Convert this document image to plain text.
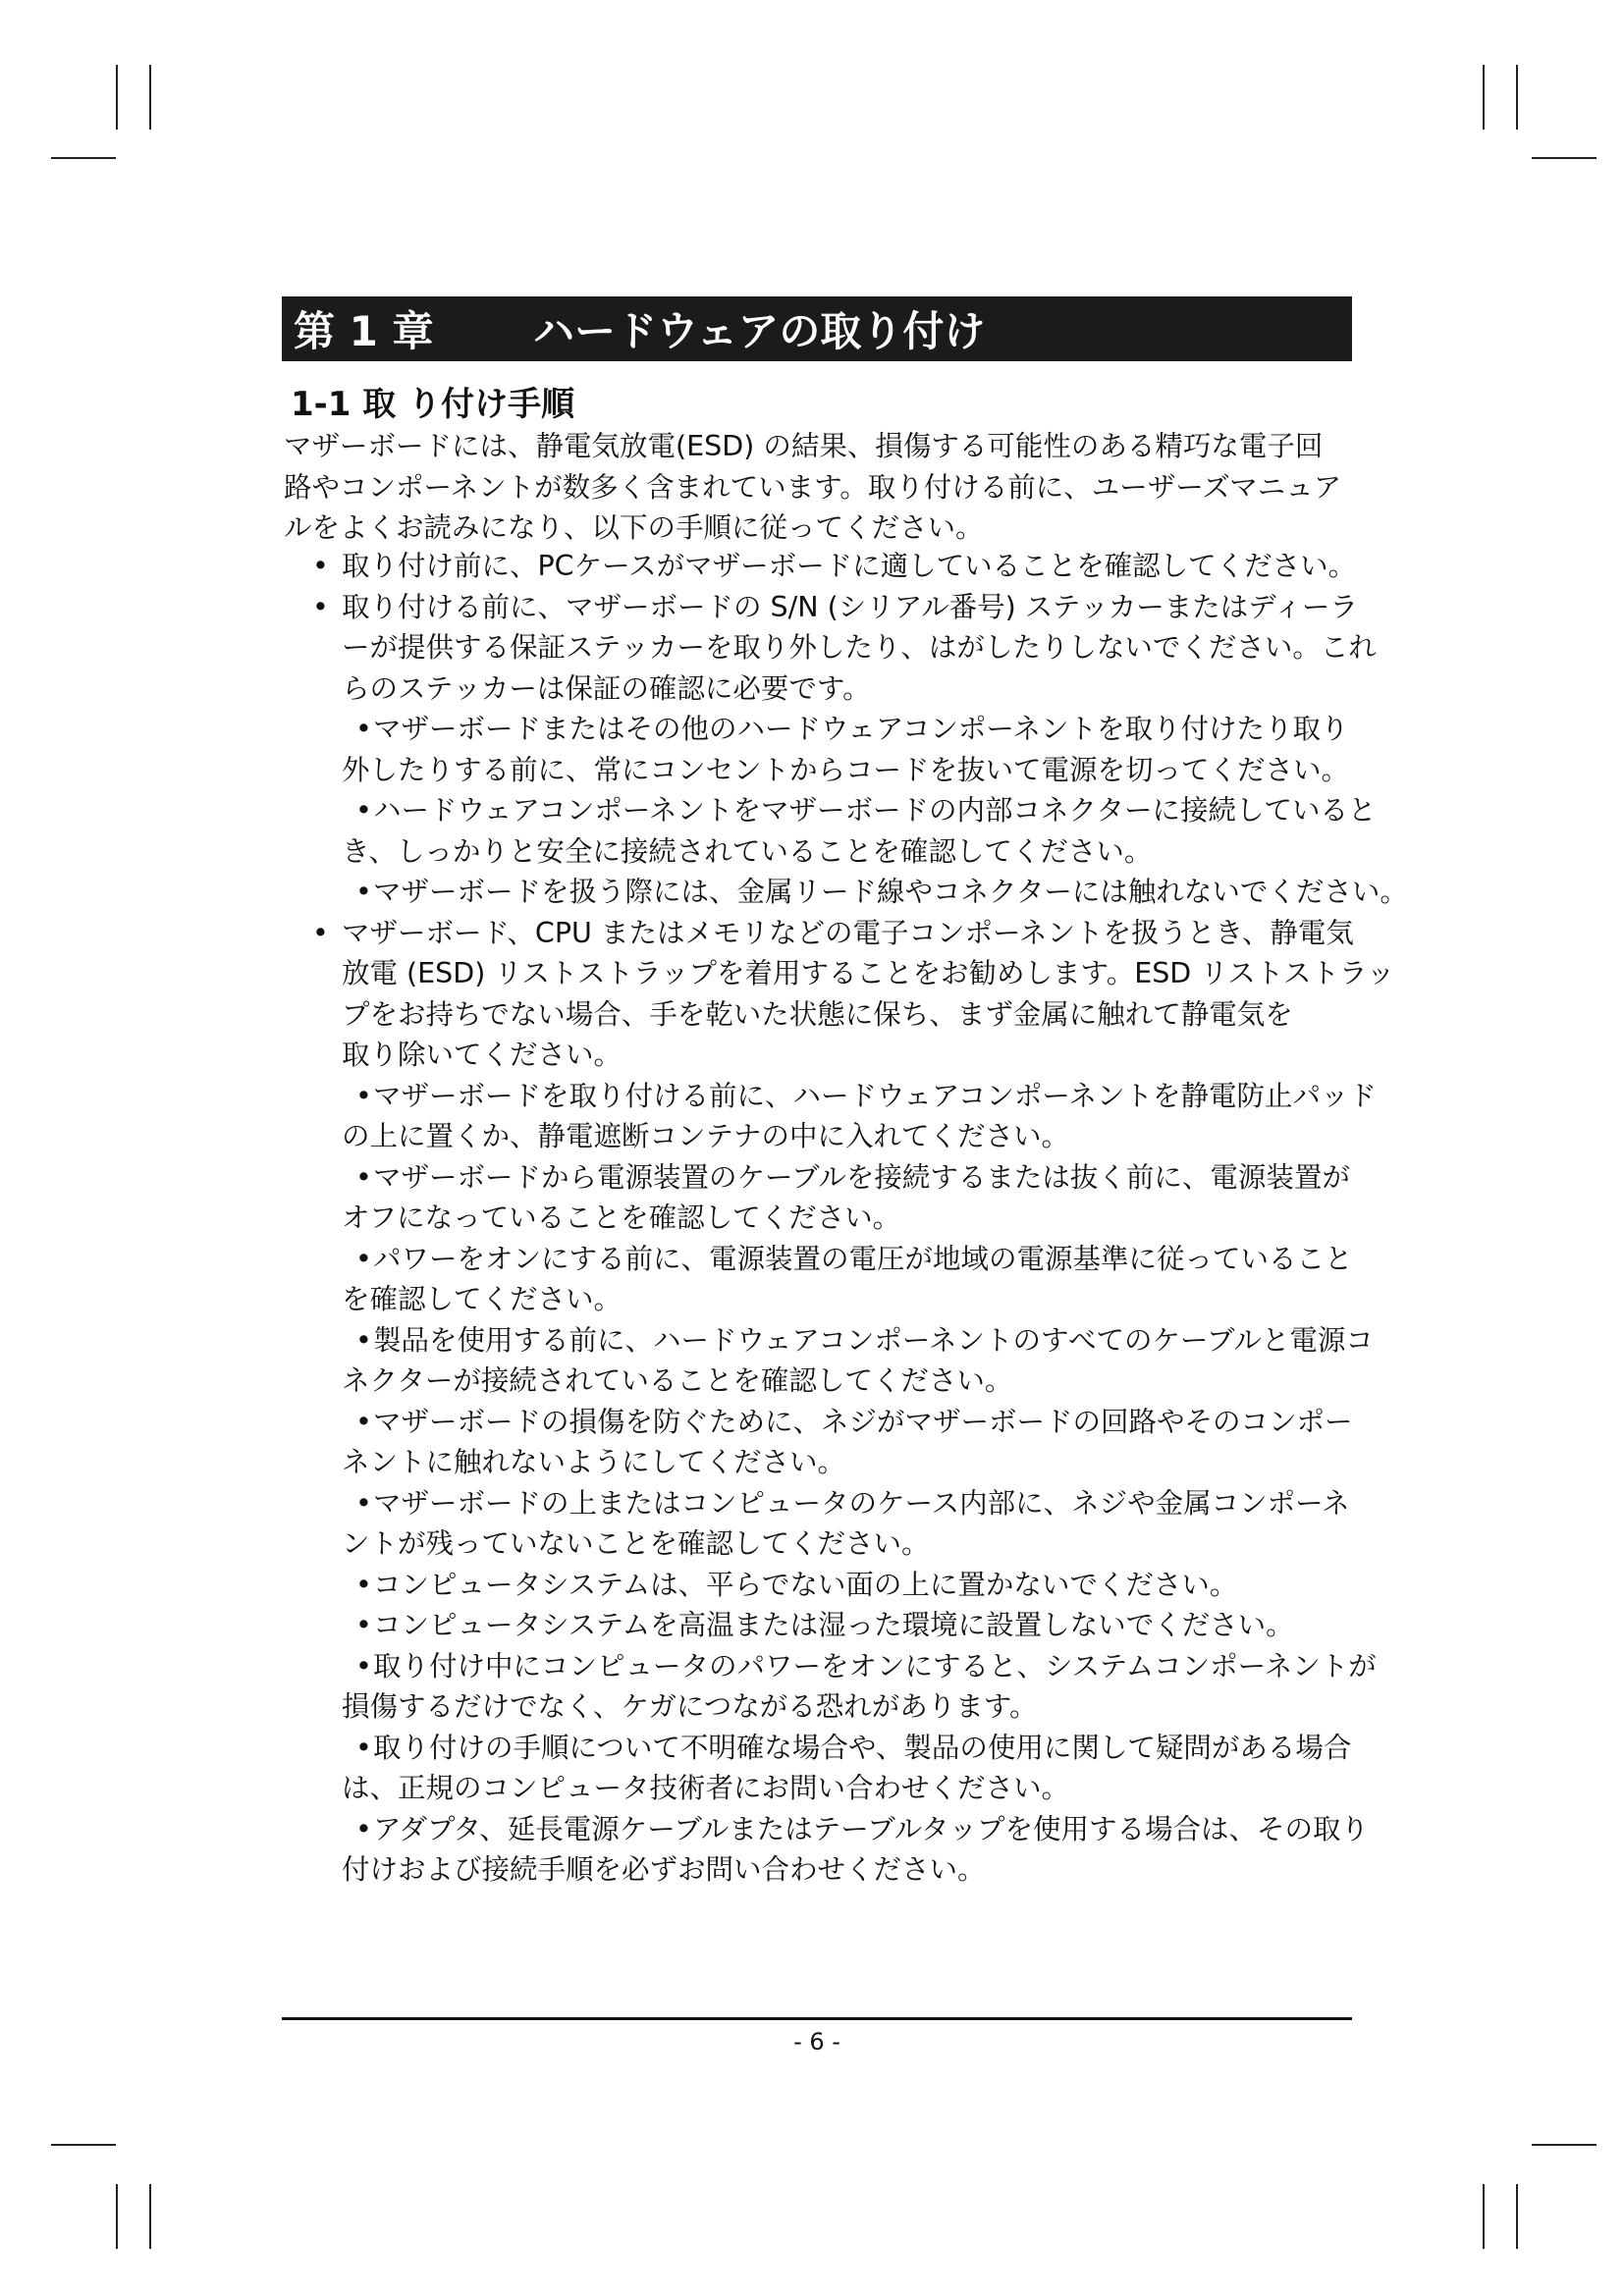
第 1 章	ハードウェアの取り付け
1-1 取 り付け手順
マザーボードには、静電気放電(ESD) の結果、損傷する可能性のある精巧な電子回
路やコンポーネントが数多く含まれています。取り付ける前に、ユーザーズマニュア
ルをよくお読みになり、以下の手順に従ってください。
• 取り付け前に、PCケースがマザーボードに適していることを確認してください。
• 取り付ける前に、マザーボードの S/N (シリアル番号) ステッカーまたはディーラ
ーが提供する保証ステッカーを取り外したり、はがしたりしないでください。これ
らのステッカーは保証の確認に必要です。
• マザーボードまたはその他のハードウェアコンポーネントを取り付けたり取り
外したりする前に、常にコンセントからコードを抜いて電源を切ってください。
• ハードウェアコンポーネントをマザーボードの内部コネクターに接続していると
き、しっかりと安全に接続されていることを確認してください。
• マザーボードを扱う際には、金属リード線やコネクターには触れないでください。
• マザーボード、CPU またはメモリなどの電子コンポーネントを扱うとき、静電気
放電 (ESD) リストストラップを着用することをお勧めします。ESD リストストラッ
プをお持ちでない場合、手を乾いた状態に保ち、まず金属に触れて静電気を
取り除いてください。
• マザーボードを取り付ける前に、ハードウェアコンポーネントを静電防止パッド
の上に置くか、静電遮断コンテナの中に入れてください。
• マザーボードから電源装置のケーブルを接続するまたは抜く前に、電源装置が
オフになっていることを確認してください。
• パワーをオンにする前に、電源装置の電圧が地域の電源基準に従っていること
を確認してください。
• 製品を使用する前に、ハードウェアコンポーネントのすべてのケーブルと電源コ
ネクターが接続されていることを確認してください。
• マザーボードの損傷を防ぐために、ネジがマザーボードの回路やそのコンポー
ネントに触れないようにしてください。
• マザーボードの上またはコンピュータのケース内部に、ネジや金属コンポーネ
ントが残っていないことを確認してください。
• コンピュータシステムは、平らでない面の上に置かないでください。
• コンピュータシステムを高温または湿った環境に設置しないでください。
• 取り付け中にコンピュータのパワーをオンにすると、システムコンポーネントが
損傷するだけでなく、ケガにつながる恐れがあります。
• 取り付けの手順について不明確な場合や、製品の使用に関して疑問がある場合
は、正規のコンピュータ技術者にお問い合わせください。
• アダプタ、延長電源ケーブルまたはテーブルタップを使用する場合は、その取り
付けおよび接続手順を必ずお問い合わせください。
- 6 -
